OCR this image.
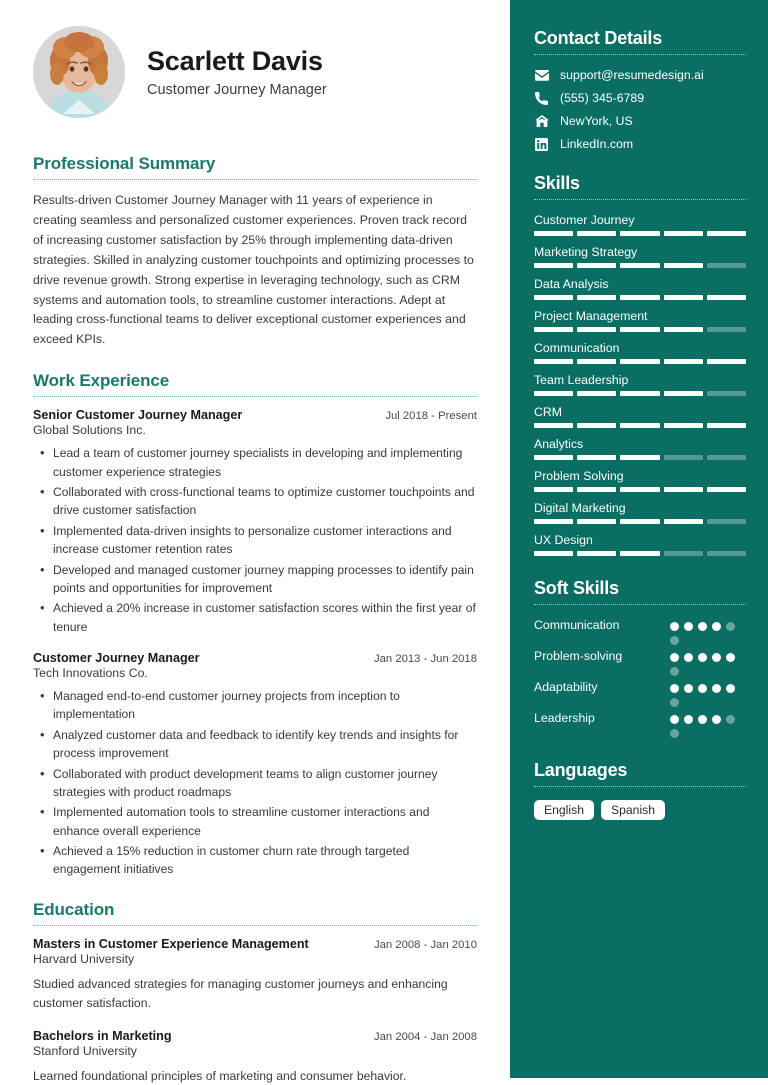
Scarlett Davis
Customer Journey Manager
Professional Summary
Results-driven Customer Journey Manager with 11 years of experience in creating seamless and personalized customer experiences. Proven track record of increasing customer satisfaction by 25% through implementing data-driven strategies. Skilled in analyzing customer touchpoints and optimizing processes to drive revenue growth. Strong expertise in leveraging technology, such as CRM systems and automation tools, to streamline customer interactions. Adept at leading cross-functional teams to deliver exceptional customer experiences and exceed KPIs.
Work Experience
Senior Customer Journey Manager	Jul 2018 - Present
Global Solutions Inc.
• Lead a team of customer journey specialists in developing and implementing customer experience strategies
• Collaborated with cross-functional teams to optimize customer touchpoints and drive customer satisfaction
• Implemented data-driven insights to personalize customer interactions and increase customer retention rates
• Developed and managed customer journey mapping processes to identify pain points and opportunities for improvement
• Achieved a 20% increase in customer satisfaction scores within the first year of tenure
Customer Journey Manager	Jan 2013 - Jun 2018
Tech Innovations Co.
• Managed end-to-end customer journey projects from inception to implementation
• Analyzed customer data and feedback to identify key trends and insights for process improvement
• Collaborated with product development teams to align customer journey strategies with product roadmaps
• Implemented automation tools to streamline customer interactions and enhance overall experience
• Achieved a 15% reduction in customer churn rate through targeted engagement initiatives
Education
Masters in Customer Experience Management	Jan 2008 - Jan 2010
Harvard University
Studied advanced strategies for managing customer journeys and enhancing customer satisfaction.
Bachelors in Marketing	Jan 2004 - Jan 2008
Stanford University
Learned foundational principles of marketing and consumer behavior.
Contact Details
support@resumedesign.ai
(555) 345-6789
NewYork, US
LinkedIn.com
Skills
Customer Journey
Marketing Strategy
Data Analysis
Project Management
Communication
Team Leadership
CRM
Analytics
Problem Solving
Digital Marketing
UX Design
Soft Skills
Communication
Problem-solving
Adaptability
Leadership
Languages
English	Spanish
